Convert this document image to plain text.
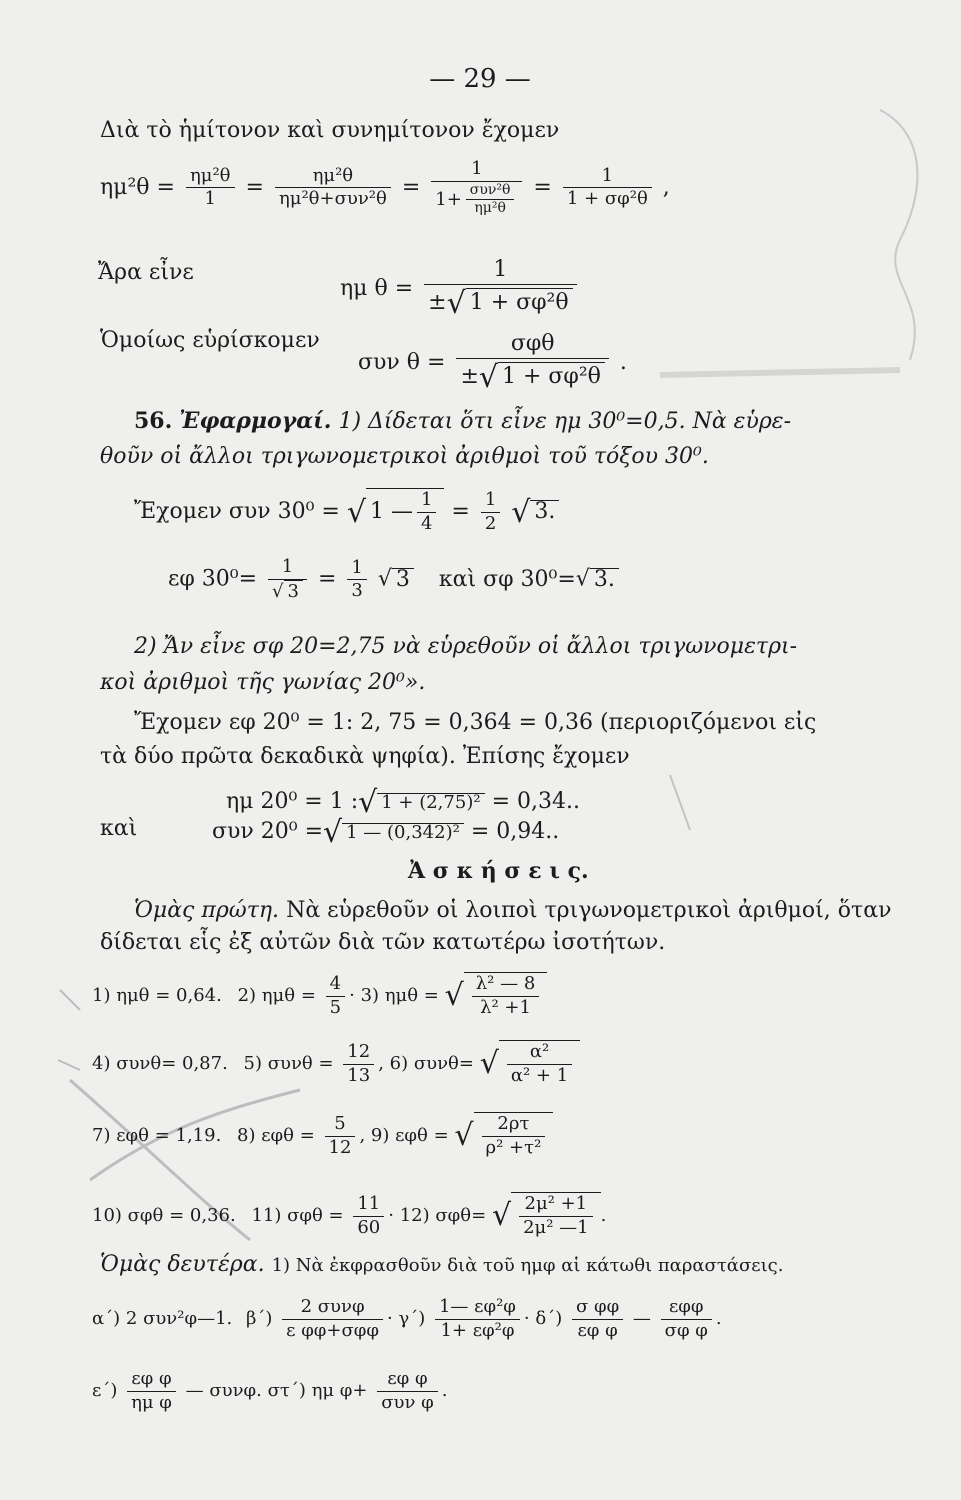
— 29 —
Διὰ τὸ ἡμίτονον καὶ συνημίτονον ἔχομεν
$\eta\mu^2\theta = \frac{\text{ημ²θ}}{1} = \frac{\text{ημ²θ}}{\text{ημ²θ+συν²θ}} = \frac{1}{1+ \frac{\text{συν²θ}}{\text{ημ²θ}}} = \frac{1}{\text{1 + σφ²θ}}$ ,
Ἄρα εἶνε
ημ $\theta = \frac{1}{\text{±√ 1 + σφ²θ}}$
Ὁμοίως εὑρίσκομεν
συν $\theta = \frac{\text{σφθ}}{\text{±√ 1 + σφ²θ}}$ .
56. Ἐφαρμογαί. 1) Δίδεται ὅτι εἶνε ημ 30⁰=0,5. Νὰ εὑρε-
θοῦν οἱ ἄλλοι τριγωνομετρικοὶ ἀριθμοὶ τοῦ τόξου 30⁰.
Ἔχομεν συν 30⁰ = √ 1 — $\frac{1}{4} = \frac{1}{2}$ √ 3.
εφ $30^0= \frac{1}{√ 3} = \frac{1}{3}$ √ 3 καὶ σφ 30⁰=√ 3.
2) Ἄν εἶνε σφ 20=2,75 νὰ εὑρεθοῦν οἱ ἄλλοι τριγωνομετρι-
κοὶ ἀριθμοὶ τῆς γωνίας 20⁰».
Ἔχομεν εφ 20⁰ = 1: 2, 75 = 0,364 = 0,36 (περιοριζόμενοι εἰς
τὰ δύο πρῶτα δεκαδικὰ ψηφία). Ἐπίσης ἔχομεν
ημ 20⁰ = 1 :√ 1 + (2,75)² = 0,34..
καὶ	συν 20⁰ =√ 1 — (0,342)² = 0,94..
Ἀ σ κ ή σ ε ι ς.
Ὁμὰς πρώτη. Νὰ εὑρεθοῦν οἱ λοιποὶ τριγωνομετρικοὶ ἀριθμοί, ὅταν
δίδεται εἷς ἐξ αὐτῶν διὰ τῶν κατωτέρω ἰσοτήτων.
1) ημθ = 0,64. 2) $\eta\mu\theta = \frac{4}{5} \cdot 3$) ημθ = √ $\frac{\text{λ² — 8}}{\text{λ² +1}}$
4) συνθ= 0,87. 5) $\sigma\upsilon\nu\theta = \frac{12}{13}$ , 6) συνθ= √ $\frac{\text{α²}}{\text{α² + 1}}$
7) εφθ = 1,19. 8) $\varepsilon\varphi\theta = \frac{5}{12}$ , 9) εφθ = √ $\frac{2\rho\tau}{\text{ρ² +τ²}}$
10) σφθ = 0,36. 11) $\sigma\varphi\theta = \frac{11}{60} \cdot 12$) σφθ= √ $\frac{\text{2μ² +1}}{\text{2μ² —1}}$ .
Ὁμὰς δευτέρα. 1) Νὰ ἐκφρασθοῦν διὰ τοῦ ημφ αἱ κάτωθι παραστάσεις.
α΄) 2 συν²φ—1. $\beta΄) \frac{\text{2 συνφ}}{\text{ε φφ+σφφ}} \cdot \gamma΄) \frac{\text{1— εφ²φ}}{\text{1+ εφ²φ}} \cdot \delta΄) \frac{\text{σ φφ}}{\text{εφ φ}}$ — $\frac{\text{εφφ}}{\text{σφ φ}}$ .
$\varepsilon΄) \frac{\text{εφ φ}}{\text{ημ φ}}$ — συνφ. στ΄) ημ $\varphi+ \frac{\text{εφ φ}}{\text{συν φ}}$ .
